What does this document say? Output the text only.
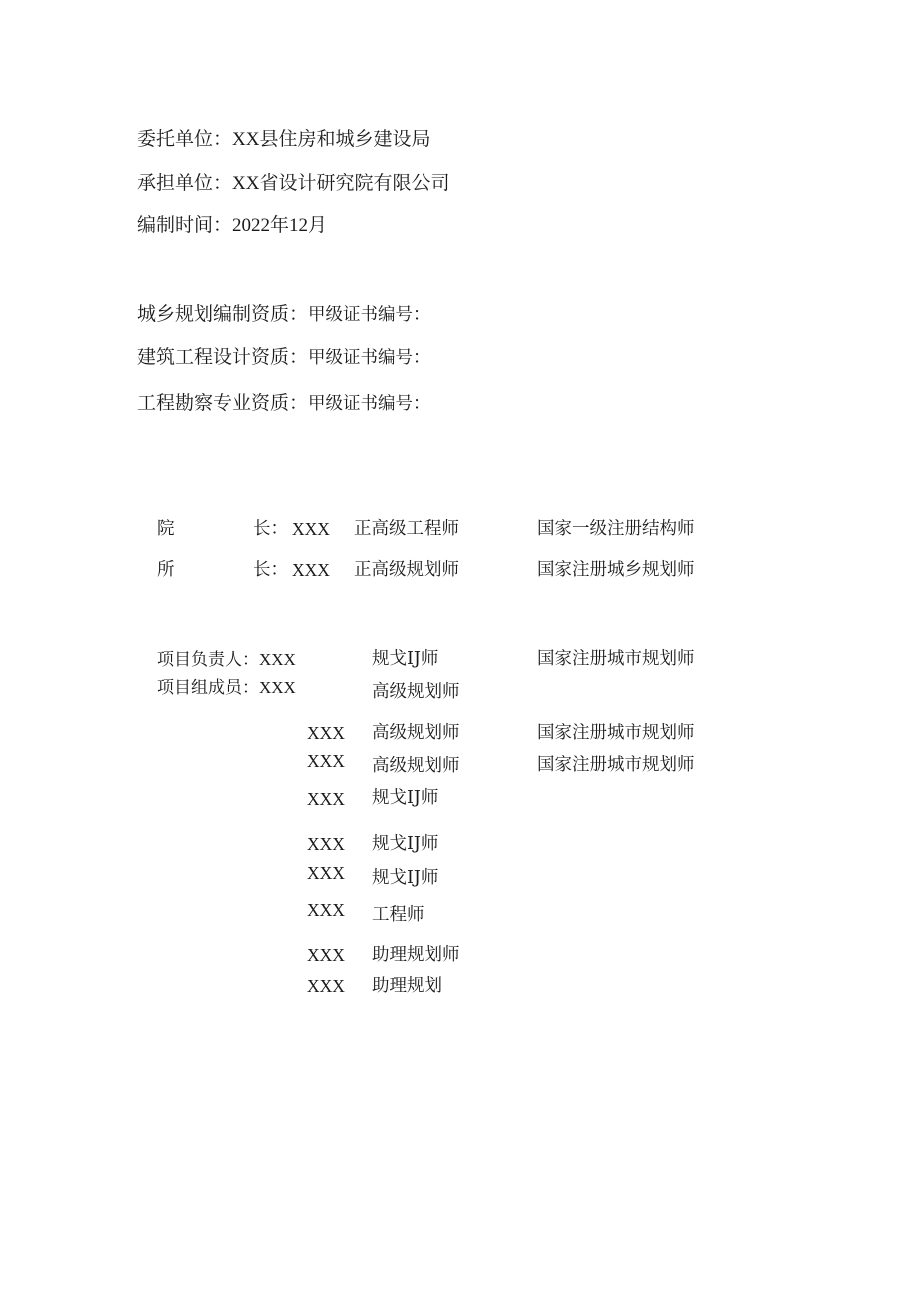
委托单位：XX县住房和城乡建设局
承担单位：XX省设计研究院有限公司
编制时间：2022年12月
城乡规划编制资质：甲级证书编号：
建筑工程设计资质：甲级证书编号：
工程勘察专业资质：甲级证书编号：
院	长： XXX 正高级工程师	国家一级注册结构师
所	长： XXX 正高级规划师	国家注册城乡规划师
项目负责人：XXX	规戈IJ师	国家注册城市规划师
项目组成员：XXX	高级规划师
XXX 高级规划师	国家注册城市规划师
XXX 高级规划师	国家注册城市规划师
XXX 规戈IJ师
XXX 规戈IJ师
XXX 规戈IJ师
XXX 工程师
XXX 助理规划师
XXX 助理规划
